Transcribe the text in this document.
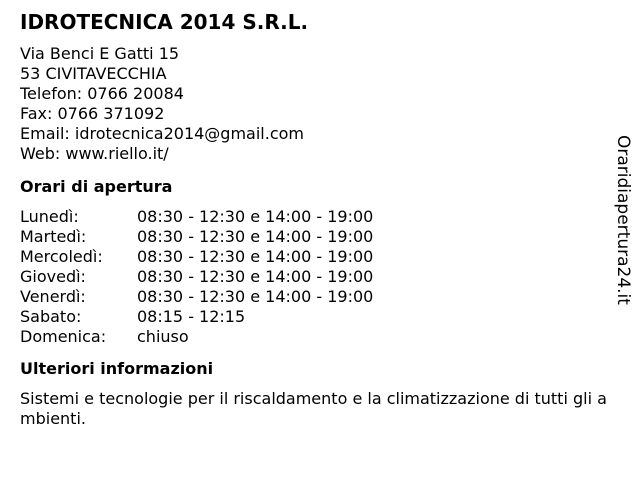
IDROTECNICA 2014 S.R.L.
Via Benci E Gatti 15
53 CIVITAVECCHIA
Telefon: 0766 20084
Fax: 0766 371092
Email: idrotecnica2014@gmail.com
Web: www.riello.it/
Orari di apertura
Lunedì:	08:30 - 12:30 e 14:00 - 19:00
Martedì:	08:30 - 12:30 e 14:00 - 19:00
Mercoledì:	08:30 - 12:30 e 14:00 - 19:00
Giovedì:	08:30 - 12:30 e 14:00 - 19:00
Venerdì:	08:30 - 12:30 e 14:00 - 19:00
Sabato:	08:15 - 12:15
Domenica:	chiuso
Ulteriori informazioni
Sistemi e tecnologie per il riscaldamento e la climatizzazione di tutti gli ambienti.
Oraridiapertura24.it
